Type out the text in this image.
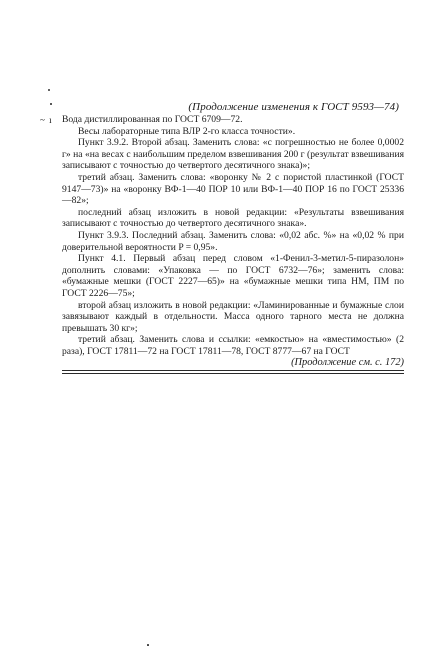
~ ı
(Продолжение изменения к ГОСТ 9593—74)

Вода дистиллированная по ГОСТ 6709—72.

Весы лабораторные типа ВЛР 2-го класса точности».

Пункт 3.9.2. Второй абзац. Заменить слова: «с погрешностью не более 0,0002 г» на «на весах с наибольшим пределом взвешивания 200 г (результат взвешивания записывают с точностью до четвертого десятичного знака)»;

третий абзац. Заменить слова: «воронку № 2 с пористой пластинкой (ГОСТ 9147—73)» на «воронку ВФ-1—40 ПОР 10 или ВФ-1—40 ПОР 16 по ГОСТ 25336—82»;

последний абзац изложить в новой редакции: «Результаты взвешивания записывают с точностью до четвертого десятичного знака».

Пункт 3.9.3. Последний абзац. Заменить слова: «0,02 абс. %» на «0,02 % при доверительной вероятности P = 0,95».

Пункт 4.1. Первый абзац перед словом «1-Фенил-3-метил-5-пиразолон» дополнить словами: «Упаковка — по ГОСТ 6732—76»; заменить слова: «бумажные мешки (ГОСТ 2227—65)» на «бумажные мешки типа НМ, ПМ по ГОСТ 2226—75»;

второй абзац изложить в новой редакции: «Ламинированные и бумажные слои завязывают каждый в отдельности. Масса одного тарного места не должна превышать 30 кг»;

третий абзац. Заменить слова и ссылки: «емкостью» на «вместимостью» (2 раза), ГОСТ 17811—72 на ГОСТ 17811—78, ГОСТ 8777—67 на ГОСТ

(Продолжение см. с. 172)
